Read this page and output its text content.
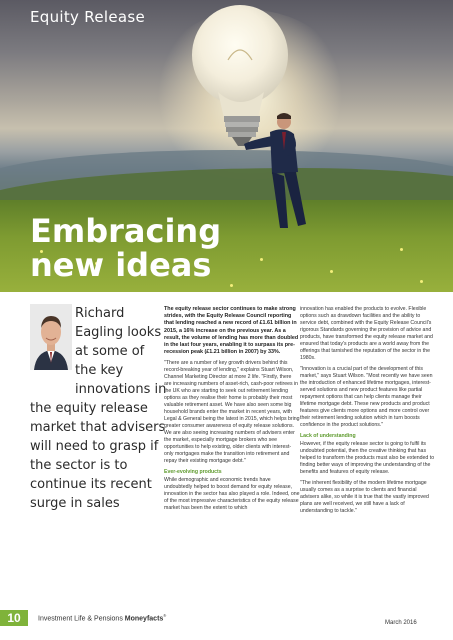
Equity Release
Embracing
new ideas
Richard
Eagling looks
at some of
the key
innovations in
the equity release
market that advisers
will need to grasp if
the sector is to
continue its recent
surge in sales

The equity release sector continues to make strong strides, with the Equity Release Council reporting that lending reached a new record of £1.61 billion in 2015, a 16% increase on the previous year. As a result, the volume of lending has more than doubled in the last four years, enabling it to surpass its pre-recession peak (£1.21 billion in 2007) by 33%.

"There are a number of key growth drivers behind this record-breaking year of lending," explains Stuart Wilson, Channel Marketing Director at more 2 life. "Firstly, there are increasing numbers of asset-rich, cash-poor retirees in the UK who are starting to seek out retirement lending options as they realise their home is probably their most valuable retirement asset. We have also seen some big household brands enter the market in recent years, with Legal & General being the latest in 2015, which helps bring greater consumer awareness of equity release solutions. We are also seeing increasing numbers of advisers enter the market, especially mortgage brokers who see opportunities to help existing, older clients with interest-only mortgages make the transition into retirement and repay their existing mortgage debt."

Ever-evolving products

While demographic and economic trends have undoubtedly helped to boost demand for equity release, innovation in the sector has also played a role. Indeed, one of the most impressive characteristics of the equity release market has been the extent to which

innovation has enabled the products to evolve. Flexible options such as drawdown facilities and the ability to service debt, combined with the Equity Release Council's rigorous Standards governing the provision of advice and products, have transformed the equity release market and ensured that today's products are a world away from the offerings that tarnished the reputation of the sector in the 1980s.

"Innovation is a crucial part of the development of this market," says Stuart Wilson. "Most recently we have seen the introduction of enhanced lifetime mortgages, interest-served solutions and new product features like partial repayment options that can help clients manage their lifetime mortgage debt. These new products and product features give clients more options and more control over their retirement lending solution which in turn boosts confidence in the product solutions."

Lack of understanding

However, if the equity release sector is going to fulfil its undoubted potential, then the creative thinking that has helped to transform the products must also be extended to finding better ways of improving the understanding of the benefits and features of equity release.

"The inherent flexibility of the modern lifetime mortgage usually comes as a surprise to clients and financial advisers alike, so while it is true that the vastly improved plans are well received, we still have a lack of understanding to tackle."

10	Investment Life & Pensions Moneyfacts®
March 2016
